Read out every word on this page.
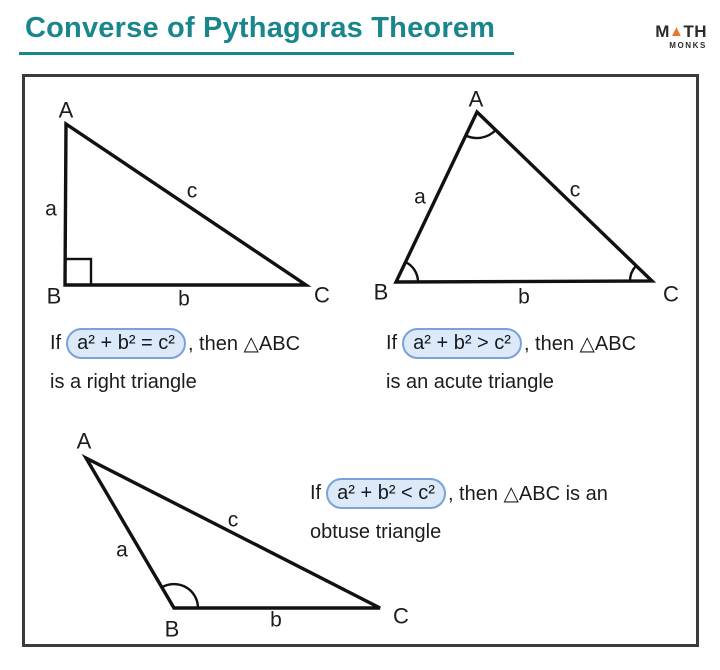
Converse of Pythagoras Theorem	M ▲ TH
MONKS
A
B	C
a
c
b
A
B	C
a	c
b
A
B
C
a
c
b
If a² + b² = c² , then △ABC
is a right triangle
If a² + b² > c² , then △ABC
is an acute triangle
If a² + b² < c² , then △ABC is an
obtuse triangle
